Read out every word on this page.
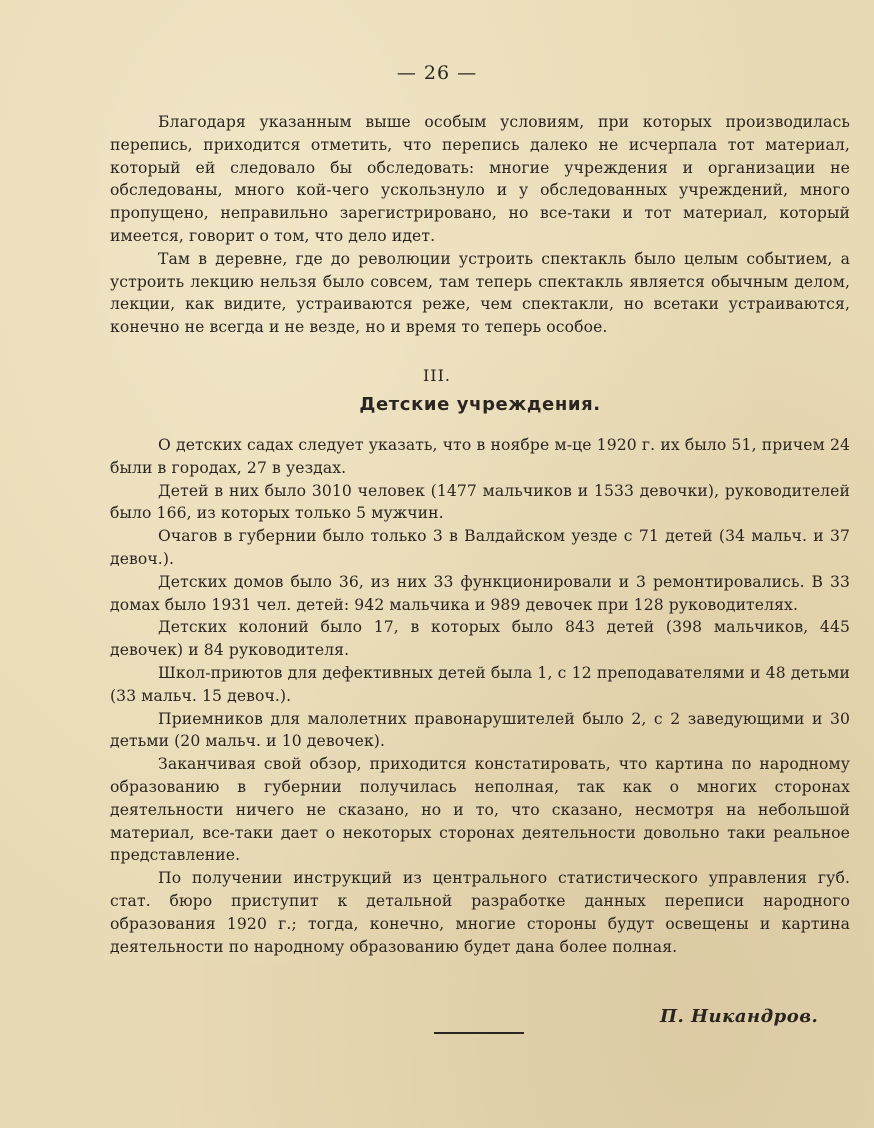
— 26 —

Благодаря указанным выше особым условиям, при которых производилась перепись, приходится отметить, что перепись далеко не исчерпала тот материал, который ей следовало бы обследовать: многие учреждения и организации не обследованы, много кой-чего ускользнуло и у обследованных учреждений, много пропущено, неправильно зарегистрировано, но все-таки и тот материал, который имеется, говорит о том, что дело идет.

Там в деревне, где до революции устроить спектакль было целым событием, а устроить лекцию нельзя было совсем, там теперь спектакль является обычным делом, лекции, как видите, устраиваются реже, чем спектакли, но всетаки устраиваются, конечно не всегда и не везде, но и время то теперь особое.

III.
Детские учреждения.

О детских садах следует указать, что в ноябре м-це 1920 г. их было 51, причем 24 были в городах, 27 в уездах.

Детей в них было 3010 человек (1477 мальчиков и 1533 девочки), руководителей было 166, из которых только 5 мужчин.

Очагов в губернии было только 3 в Валдайском уезде с 71 детей (34 мальч. и 37 девоч.).

Детских домов было 36, из них 33 функционировали и 3 ремонтировались. В 33 домах было 1931 чел. детей: 942 мальчика и 989 девочек при 128 руководителях.

Детских колоний было 17, в которых было 843 детей (398 мальчиков, 445 девочек) и 84 руководителя.

Школ-приютов для дефективных детей была 1, с 12 преподавателями и 48 детьми (33 мальч. 15 девоч.).

Приемников для малолетних правонарушителей было 2, с 2 заведующими и 30 детьми (20 мальч. и 10 девочек).

Заканчивая свой обзор, приходится констатировать, что картина по народному образованию в губернии получилась неполная, так как о многих сторонах деятельности ничего не сказано, но и то, что сказано, несмотря на небольшой материал, все-таки дает о некоторых сторонах деятельности довольно таки реальное представление.

По получении инструкций из центрального статистического управления губ. стат. бюро приступит к детальной разработке данных переписи народного образования 1920 г.; тогда, конечно, многие стороны будут освещены и картина деятельности по народному образованию будет дана более полная.

П. Никандров.
